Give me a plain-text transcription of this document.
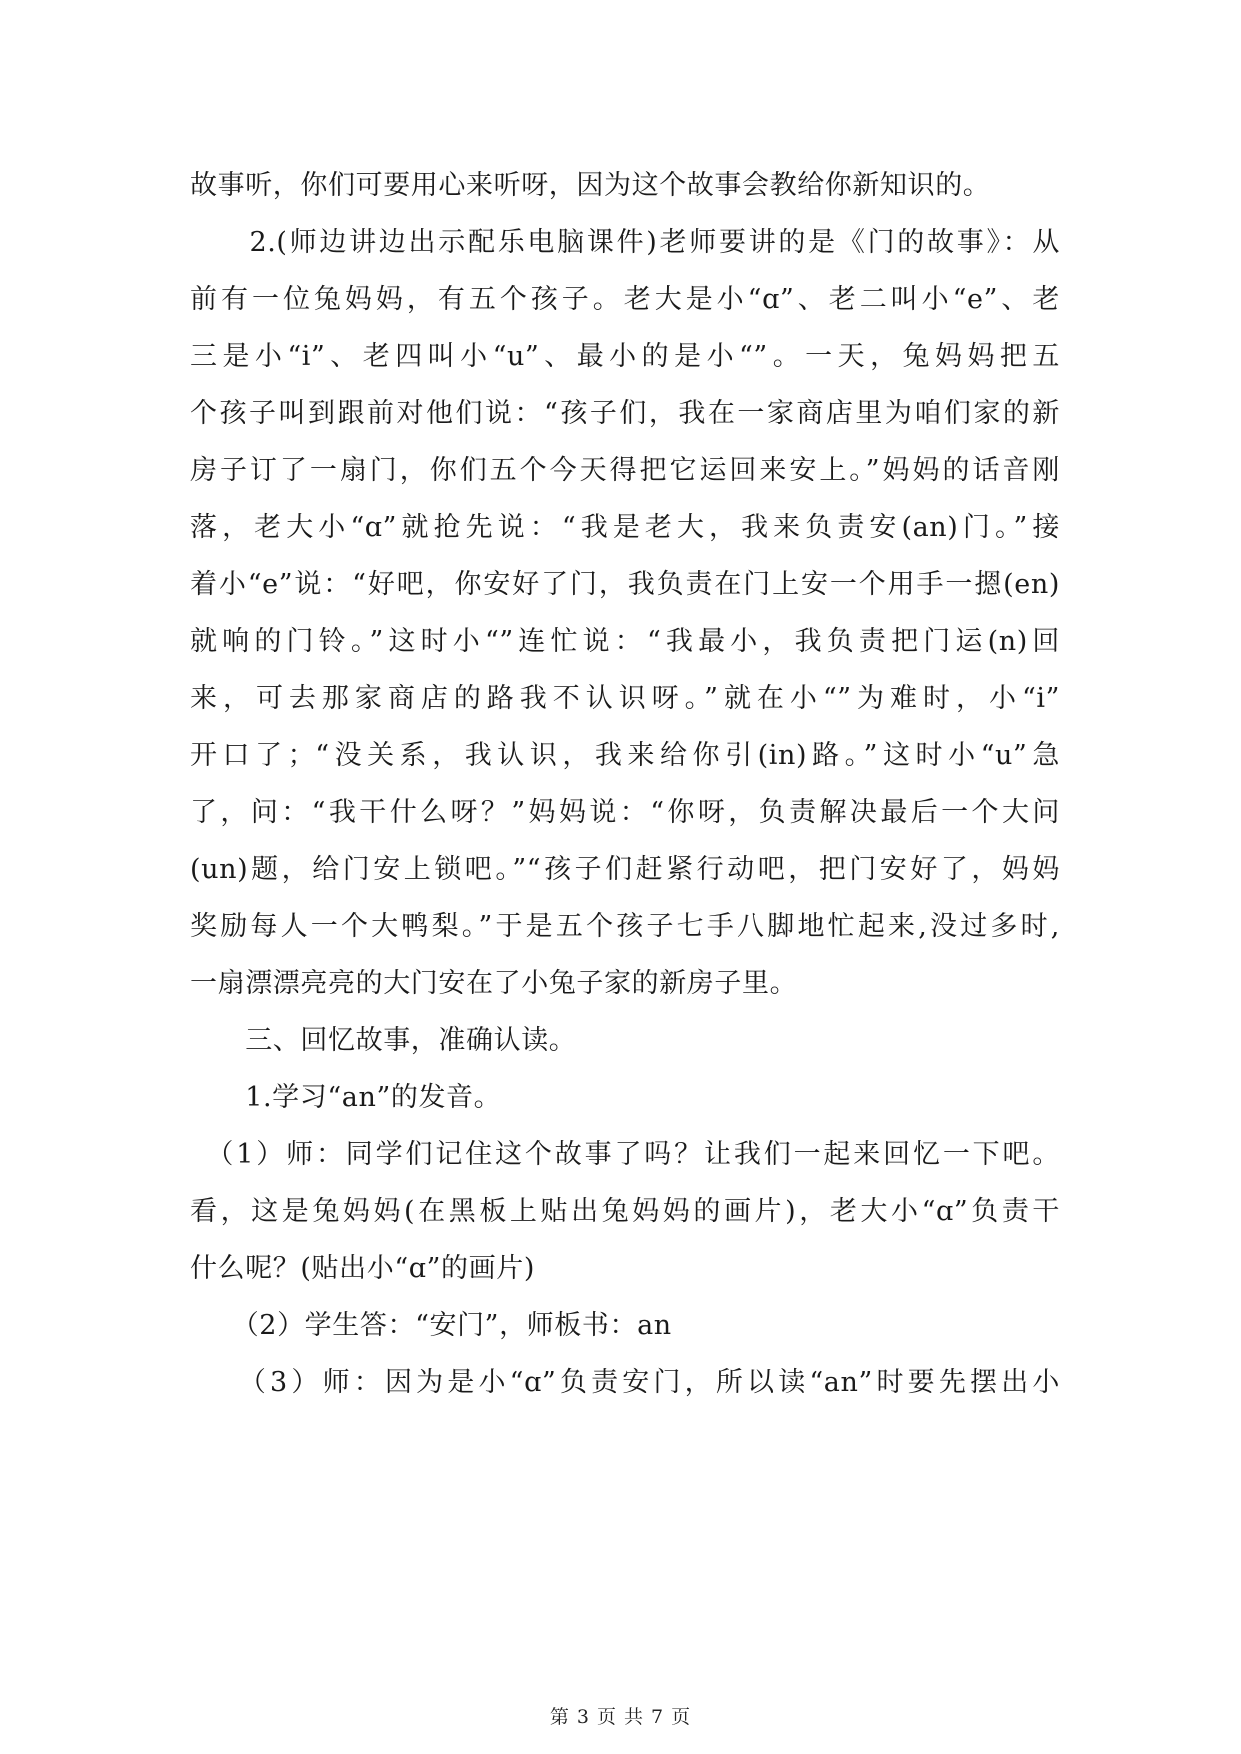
故事听，你们可要用心来听呀，因为这个故事会教给你新知识的。
　　2.(师边讲边出示配乐电脑课件)老师要讲的是《门的故事》：从
前有一位兔妈妈，有五个孩子。老大是小“ɑ”、老二叫小“e”、老
三是小“i”、老四叫小“u”、最小的是小“”。一天，兔妈妈把五
个孩子叫到跟前对他们说：“孩子们，我在一家商店里为咱们家的新
房子订了一扇门，你们五个今天得把它运回来安上。”妈妈的话音刚
落，老大小“ɑ”就抢先说：“我是老大，我来负责安(an)门。”接
着小“e”说：“好吧，你安好了门，我负责在门上安一个用手一摁(en)
就响的门铃。”这时小“”连忙说：“我最小，我负责把门运(n)回
来，可去那家商店的路我不认识呀。”就在小“”为难时，小“i”
开口了；“没关系，我认识，我来给你引(in)路。”这时小“u”急
了，问：“我干什么呀？”妈妈说：“你呀，负责解决最后一个大问
(un)题，给门安上锁吧。”“孩子们赶紧行动吧，把门安好了，妈妈
奖励每人一个大鸭梨。”于是五个孩子七手八脚地忙起来,没过多时,
一扇漂漂亮亮的大门安在了小兔子家的新房子里。
　　三、回忆故事，准确认读。
　　1.学习“an”的发音。
　（1）师：同学们记住这个故事了吗？让我们一起来回忆一下吧。
看，这是兔妈妈(在黑板上贴出兔妈妈的画片)，老大小“ɑ”负责干
什么呢？(贴出小“ɑ”的画片)
　　（2）学生答：“安门”，师板书：an
　　（3）师：因为是小“ɑ”负责安门，所以读“an”时要先摆出小
第 3 页 共 7 页
